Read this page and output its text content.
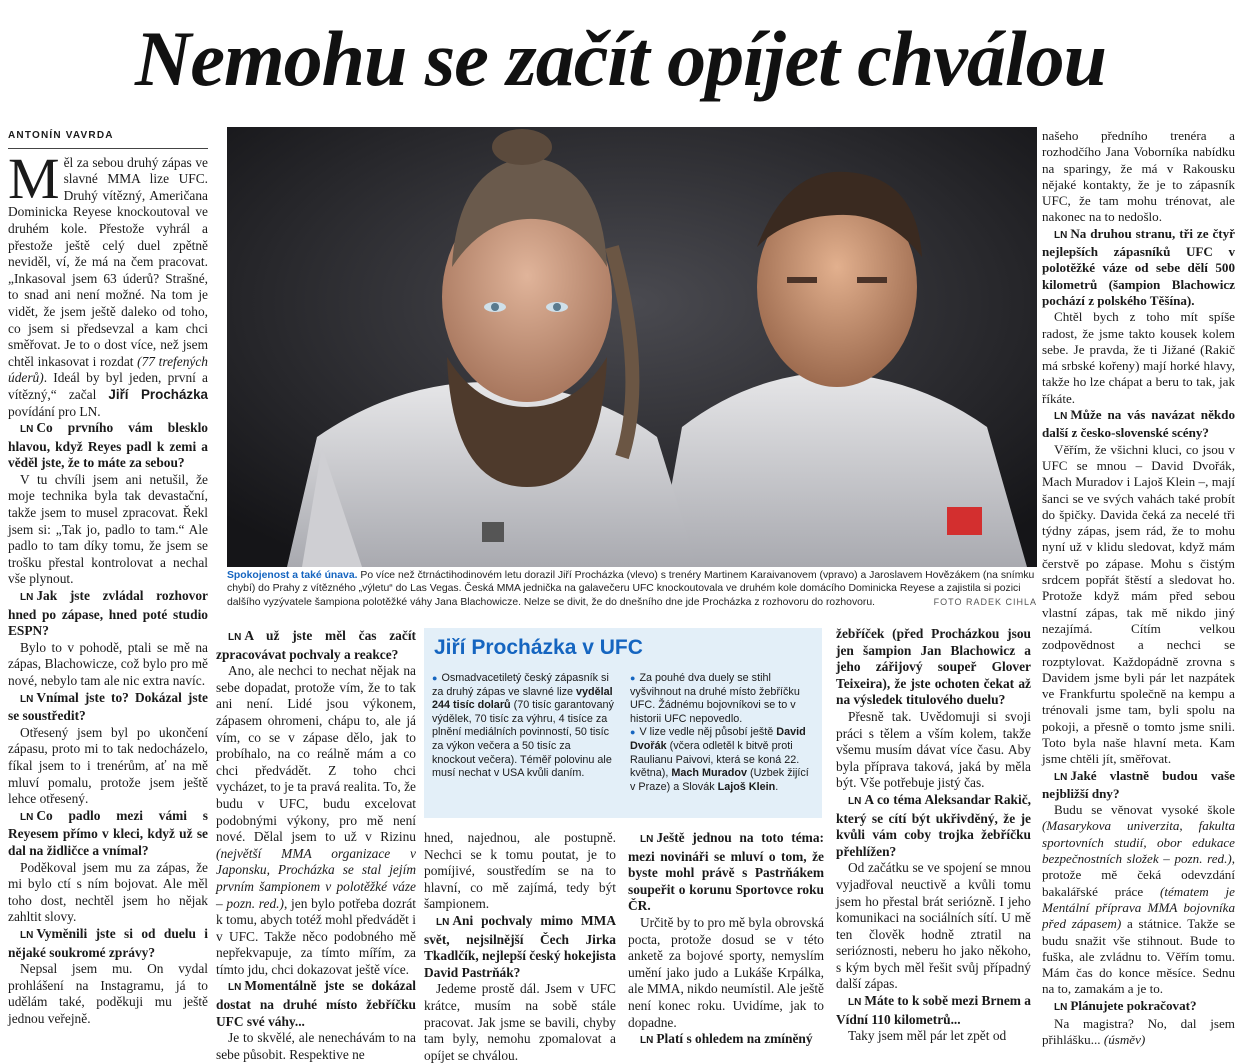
Nemohu se začít opíjet chválou
ANTONÍN VAVRDA

Měl za sebou druhý zápas ve slavné MMA lize UFC. Druhý vítězný, Američana Dominicka Reyese knockoutoval ve druhém kole. Přestože vyhrál a přestože ještě celý duel zpětně neviděl, ví, že má na čem pracovat. „Inkasoval jsem 63 úderů? Strašné, to snad ani není možné. Na tom je vidět, že jsem ještě daleko od toho, co jsem si předsevzal a kam chci směřovat. Je to o dost více, než jsem chtěl inkasovat i rozdat (77 trefených úderů). Ideál by byl jeden, první a vítězný,“ začal Jiří Procházka povídání pro LN.

LN Co prvního vám blesklo hlavou, když Reyes padl k zemi a věděl jste, že to máte za sebou?

V tu chvíli jsem ani netušil, že moje technika byla tak devastační, takže jsem to musel zpracovat. Řekl jsem si: „Tak jo, padlo to tam.“ Ale padlo to tam díky tomu, že jsem se trošku přestal kontrolovat a nechal vše plynout.

LN Jak jste zvládal rozhovor hned po zápase, hned poté studio ESPN?

Bylo to v pohodě, ptali se mě na zápas, Blachowicze, což bylo pro mě nové, nebylo tam ale nic extra navíc.

LN Vnímal jste to? Dokázal jste se soustředit?

Otřesený jsem byl po ukončení zápasu, proto mi to tak nedocházelo, fíkal jsem to i trenérům, ať na mě mluví pomalu, protože jsem ještě lehce otřesený.

LN Co padlo mezi vámi s Reyesem přímo v kleci, když už se dal na židličce a vnímal?

Poděkoval jsem mu za zápas, že mi bylo ctí s ním bojovat. Ale měl toho dost, nechtěl jsem ho nějak zahltit slovy.

LN Vyměnili jste si od duelu i nějaké soukromé zprávy?

Nepsal jsem mu. On vydal prohlášení na Instagramu, já to udělám také, poděkuji mu ještě jednou veřejně.

Spokojenost a také únava. Po více než čtrnáctihodinovém letu dorazil Jiří Procházka (vlevo) s trenéry Martinem Karaivanovem (vpravo) a Jaroslavem Hovězákem (na snímku chybí) do Prahy z vítězného „výletu“ do Las Vegas. Česká MMA jednička na galavečeru UFC knockoutovala ve druhém kole domácího Dominicka Reyese a zajistila si pozici dalšího vyzývatele šampiona polotěžké váhy Jana Blachowicze. Nelze se divit, že do dnešního dne jde Procházka z rozhovoru do rozhovoru.	FOTO RADEK CIHLA

LN A už jste měl čas začít zpracovávat pochvaly a reakce?

Ano, ale nechci to nechat nějak na sebe dopadat, protože vím, že to tak ani není. Lidé jsou výkonem, zápasem ohromeni, chápu to, ale já vím, co se v zápase dělo, jak to probíhalo, na co reálně mám a co chci předvádět. Z toho chci vycházet, to je ta pravá realita. To, že budu v UFC, budu excelovat podobnými výkony, pro mě není nové. Dělal jsem to už v Rizinu (největší MMA organizace v Japonsku, Procházka se stal jejím prvním šampionem v polotěžké váze – pozn. red.), jen bylo potřeba dozrát k tomu, abych totéž mohl předvádět i v UFC. Takže něco podobného mě nepřekvapuje, za tímto mířím, za tímto jdu, chci dokazovat ještě více.

LN Momentálně jste se dokázal dostat na druhé místo žebříčku UFC své váhy...

Je to skvělé, ale nenechávám to na sebe působit. Respektive ne

Jiří Procházka v UFC
● Osmadvacetiletý český zápasník si za druhý zápas ve slavné lize vydělal 244 tisíc dolarů (70 tisíc garantovaný výdělek, 70 tisíc za výhru, 4 tisíce za plnění mediálních povinností, 50 tisíc za výkon večera a 50 tisíc za knockout večera). Téměř polovinu ale musí nechat v USA kvůli daním.
● Za pouhé dva duely se stihl vyšvihnout na druhé místo žebříčku UFC. Žádnému bojovníkovi se to v historii UFC nepovedlo.
● V lize vedle něj působí ještě David Dvořák (včera odletěl k bitvě proti Raulianu Paivovi, která se koná 22. května), Mach Muradov (Uzbek žijící v Praze) a Slovák Lajoš Klein.

hned, najednou, ale postupně. Nechci se k tomu poutat, je to pomíjivé, soustředím se na to hlavní, co mě zajímá, tedy být šampionem.

LN Ani pochvaly mimo MMA svět, nejsilnější Čech Jirka Tkadlčík, nejlepší český hokejista David Pastrňák?

Jedeme prostě dál. Jsem v UFC krátce, musím na sobě stále pracovat. Jak jsme se bavili, chyby tam byly, nemohu zpomalovat a opíjet se chválou.

LN Ještě jednou na toto téma: mezi novináři se mluví o tom, že byste mohl právě s Pastrňákem soupeřit o korunu Sportovce roku ČR.

Určitě by to pro mě byla obrovská pocta, protože dosud se v této anketě za bojové sporty, nemyslím umění jako judo a Lukáše Krpálka, ale MMA, nikdo neumístil. Ale ještě není konec roku. Uvidíme, jak to dopadne.

LN Platí s ohledem na zmíněný

žebříček (před Procházkou jsou jen šampion Jan Blachowicz a jeho zářijový soupeř Glover Teixeira), že jste ochoten čekat až na výsledek titulového duelu?

Přesně tak. Uvědomuji si svoji práci s tělem a vším kolem, takže všemu musím dávat více času. Aby byla příprava taková, jaká by měla být. Vše potřebuje jistý čas.

LN A co téma Aleksandar Rakič, který se cítí být ukřivděný, že je kvůli vám coby trojka žebříčku přehlížen?

Od začátku se ve spojení se mnou vyjadřoval neuctivě a kvůli tomu jsem ho přestal brát seriózně. I jeho komunikaci na sociálních sítí. U mě ten člověk hodně ztratil na serióznosti, neberu ho jako někoho, s kým bych měl řešit svůj případný další zápas.

LN Máte to k sobě mezi Brnem a Vídní 110 kilometrů...

Taky jsem měl pár let zpět od

našeho předního trenéra a rozhodčího Jana Voborníka nabídku na sparingy, že má v Rakousku nějaké kontakty, že je to zápasník UFC, že tam mohu trénovat, ale nakonec na to nedošlo.

LN Na druhou stranu, tři ze čtyř nejlepších zápasníků UFC v polotěžké váze od sebe dělí 500 kilometrů (šampion Blachowicz pochází z polského Těšína).

Chtěl bych z toho mít spíše radost, že jsme takto kousek kolem sebe. Je pravda, že ti Jižané (Rakič má srbské kořeny) mají horké hlavy, takže ho lze chápat a beru to tak, jak říkáte.

LN Může na vás navázat někdo další z česko-slovenské scény?

Věřím, že všichni kluci, co jsou v UFC se mnou – David Dvořák, Mach Muradov i Lajoš Klein –, mají šanci se ve svých vahách také probít do špičky. Davida čeká za necelé tři týdny zápas, jsem rád, že to mohu nyní už v klidu sledovat, když mám čerstvě po zápase. Mohu s čistým srdcem popřát štěstí a sledovat ho. Protože když mám před sebou vlastní zápas, tak mě nikdo jiný nezajímá. Cítím velkou zodpovědnost a nechci se rozptylovat. Každopádně zrovna s Davidem jsme byli pár let nazpátek ve Frankfurtu společně na kempu a trénovali jsme tam, byli spolu na pokoji, a přesně o tomto jsme snili. Toto byla naše hlavní meta. Kam jsme chtěli jít, směřovat.

LN Jaké vlastně budou vaše nejbližší dny?

Budu se věnovat vysoké škole (Masarykova univerzita, fakulta sportovních studií, obor edukace bezpečnostních složek – pozn. red.), protože mě čeká odevzdání bakalářské práce (tématem je Mentální příprava MMA bojovníka před zápasem) a státnice. Takže se budu snažit vše stihnout. Bude to fuška, ale zvládnu to. Věřím tomu. Mám čas do konce měsíce. Sednu na to, zamakám a je to.

LN Plánujete pokračovat?

Na magistra? No, dal jsem přihlášku... (úsměv)
